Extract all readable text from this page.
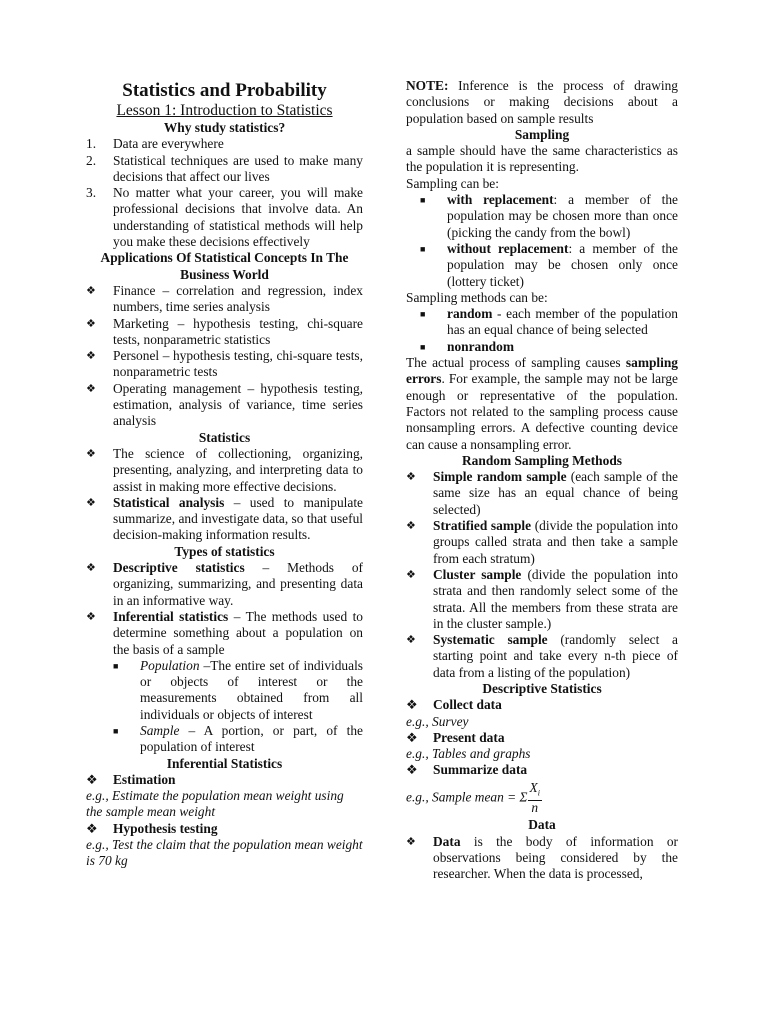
Statistics and Probability
Lesson 1: Introduction to Statistics
Why study statistics?
1.	Data are everywhere
2.	Statistical techniques are used to make many decisions that affect our lives
3.	No matter what your career, you will make professional decisions that involve data. An understanding of statistical methods will help you make these decisions effectively
Applications Of Statistical Concepts In The Business World
❖	Finance – correlation and regression, index numbers, time series analysis
❖	Marketing – hypothesis testing, chi-square tests, nonparametric statistics
❖	Personel – hypothesis testing, chi-square tests, nonparametric tests
❖	Operating management – hypothesis testing, estimation, analysis of variance, time series analysis
Statistics
❖	The science of collectioning, organizing, presenting, analyzing, and interpreting data to assist in making more effective decisions.
❖	Statistical analysis – used to manipulate summarize, and investigate data, so that useful decision-making information results.
Types of statistics
❖	Descriptive statistics – Methods of organizing, summarizing, and presenting data in an informative way.
❖	Inferential statistics – The methods used to determine something about a population on the basis of a sample
■	Population –The entire set of individuals or objects of interest or the measurements obtained from all individuals or objects of interest
■	Sample – A portion, or part, of the population of interest
Inferential Statistics
❖	Estimation
e.g., Estimate the population mean weight using the sample mean weight
❖	Hypothesis testing
e.g., Test the claim that the population mean weight is 70 kg
NOTE: Inference is the process of drawing conclusions or making decisions about a population based on sample results
Sampling
a sample should have the same characteristics as the population it is representing.
Sampling can be:
■	with replacement: a member of the population may be chosen more than once (picking the candy from the bowl)
■	without replacement: a member of the population may be chosen only once (lottery ticket)
Sampling methods can be:
■	random - each member of the population has an equal chance of being selected
■	nonrandom
The actual process of sampling causes sampling errors. For example, the sample may not be large enough or representative of the population. Factors not related to the sampling process cause nonsampling errors. A defective counting device can cause a nonsampling error.
Random Sampling Methods
❖	Simple random sample (each sample of the same size has an equal chance of being selected)
❖	Stratified sample (divide the population into groups called strata and then take a sample from each stratum)
❖	Cluster sample (divide the population into strata and then randomly select some of the strata. All the members from these strata are in the cluster sample.)
❖	Systematic sample (randomly select a starting point and take every n-th piece of data from a listing of the population)
Descriptive Statistics
❖	Collect data
e.g., Survey
❖	Present data
e.g., Tables and graphs
❖	Summarize data
e.g., Sample mean = Σ $\frac{X_i}{n}$
Data
❖	Data is the body of information or observations being considered by the researcher. When the data is processed,
